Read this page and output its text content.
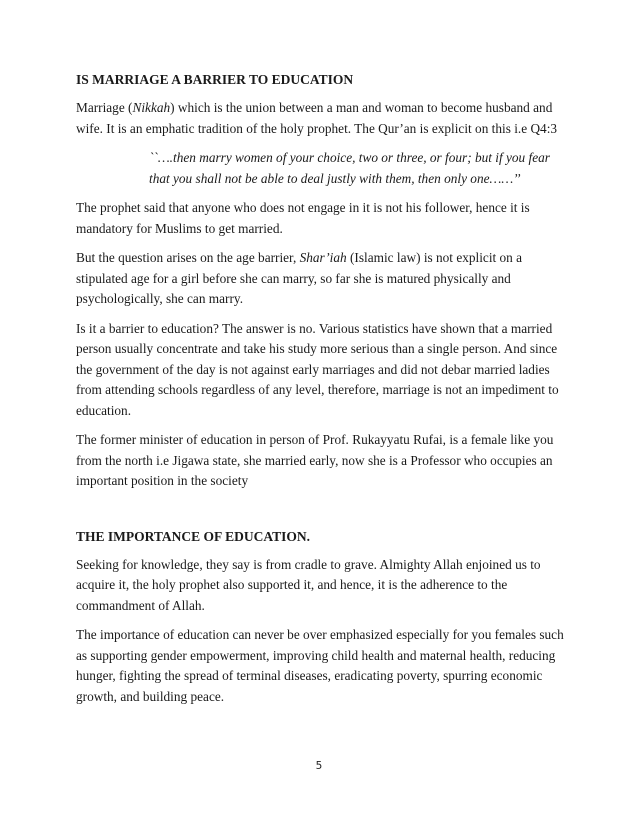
IS MARRIAGE A BARRIER TO EDUCATION

Marriage (Nikkah) which is the union between a man and woman to become husband and wife. It is an emphatic tradition of the holy prophet. The Qur’an is explicit on this i.e Q4:3

``….then marry women of your choice, two or three, or four; but if you fear that you shall not be able to deal justly with them, then only one……’’

The prophet said that anyone who does not engage in it is not his follower, hence it is mandatory for Muslims to get married.

But the question arises on the age barrier, Shar’iah (Islamic law) is not explicit on a stipulated age for a girl before she can marry, so far she is matured physically and psychologically, she can marry.

Is it a barrier to education? The answer is no. Various statistics have shown that a married person usually concentrate and take his study more serious than a single person. And since the government of the day is not against early marriages and did not debar married ladies from attending schools regardless of any level, therefore, marriage is not an impediment to education.

The former minister of education in person of Prof. Rukayyatu Rufai, is a female like you from the north i.e Jigawa state, she married early, now she is a Professor who occupies an important position in the society

THE IMPORTANCE OF EDUCATION.

Seeking for knowledge, they say is from cradle to grave. Almighty Allah enjoined us to acquire it, the holy prophet also supported it, and hence, it is the adherence to the commandment of Allah.

The importance of education can never be over emphasized especially for you females such as supporting gender empowerment, improving child health and maternal health, reducing hunger, fighting the spread of terminal diseases, eradicating poverty, spurring economic growth, and building peace.

5
